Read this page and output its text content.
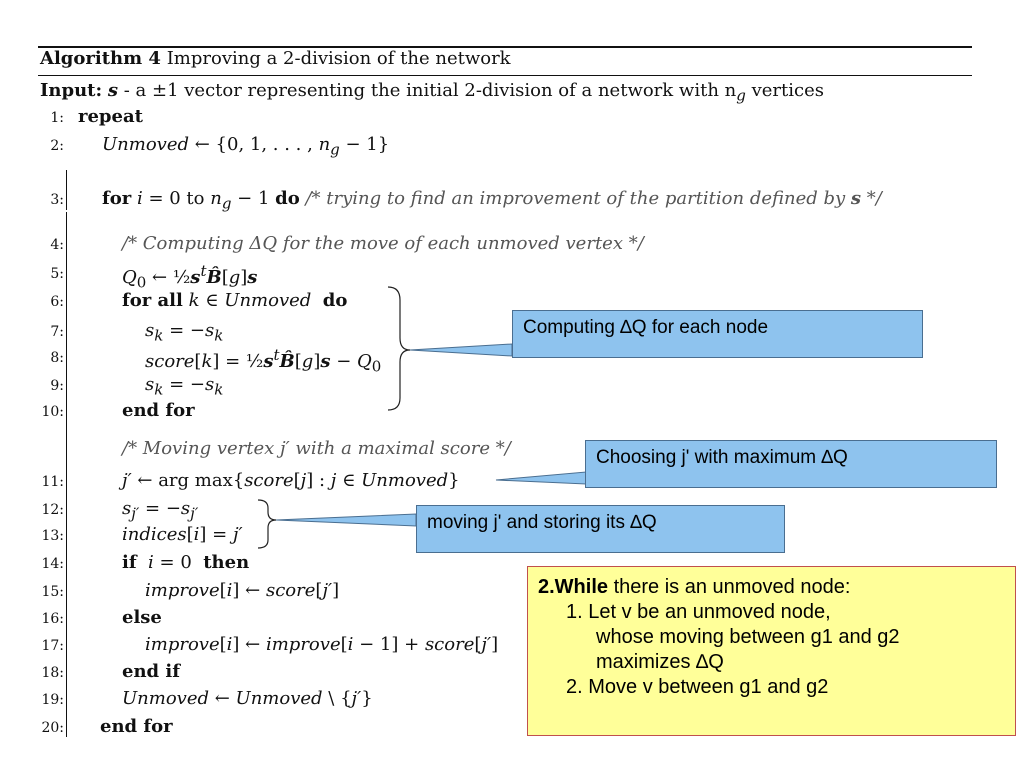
Algorithm 4 Improving a 2-division of the network
Input: s - a ±1 vector representing the initial 2-division of a network with $n_g$ vertices
1: repeat
2: Unmoved ← {0, 1, . . . , $n_g - 1$}
3: for i = 0 to $n_g - 1$ do /* trying to find an improvement of the partition defined by s */
4:	/* Computing ΔQ for the move of each unmoved vertex */
5:	$Q_0$ ← $\frac{1}{2}s^tB̂[g]s$
6:	for all k ∈ Unmoved do
7:	$s_k = -s_k$
8:	score[k] = $\frac{1}{2}s^tB̂[g]s - Q_0$
9:	$s_k = -s_k$
10:	end for
/* Moving vertex j′ with a maximal score */
11:	j′ ← arg max{score[j] : j ∈ Unmoved}
12:	$s_{j'} = -s_{j'}$
13:	indices[i] = j′
14:	if i = 0  then
15:	improve[i] ← score[j′]
16:	else
17:	improve[i] ← improve[i − 1] + score[j′]
18:	end if
19:	Unmoved ← Unmoved \ {j′}
20: end for
Computing ∆Q for each node
Choosing j' with maximum ∆Q
moving j' and storing its ∆Q
2.While there is an unmoved node:
1. Let v be an unmoved node,
whose moving between g1 and g2
maximizes ∆Q
2. Move v between g1 and g2
